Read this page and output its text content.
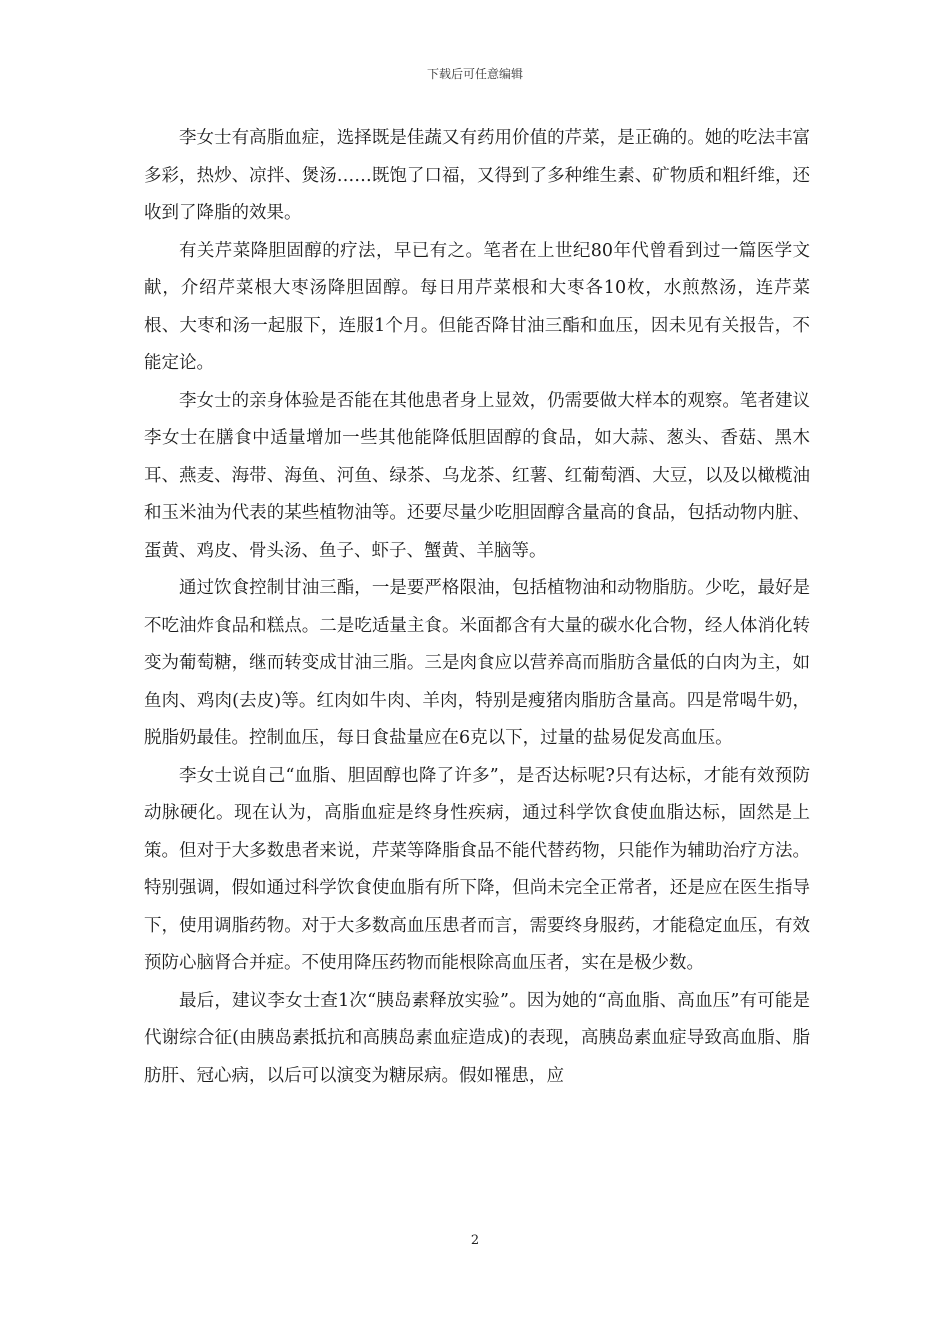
下载后可任意编辑

李女士有高脂血症，选择既是佳蔬又有药用价值的芹菜，是正确的。她的吃法丰富多彩，热炒、凉拌、煲汤……既饱了口福，又得到了多种维生素、矿物质和粗纤维，还收到了降脂的效果。

有关芹菜降胆固醇的疗法，早已有之。笔者在上世纪80年代曾看到过一篇医学文献，介绍芹菜根大枣汤降胆固醇。每日用芹菜根和大枣各10枚，水煎熬汤，连芹菜根、大枣和汤一起服下，连服1个月。但能否降甘油三酯和血压，因未见有关报告，不能定论。

李女士的亲身体验是否能在其他患者身上显效，仍需要做大样本的观察。笔者建议李女士在膳食中适量增加一些其他能降低胆固醇的食品，如大蒜、葱头、香菇、黑木耳、燕麦、海带、海鱼、河鱼、绿茶、乌龙茶、红薯、红葡萄酒、大豆，以及以橄榄油和玉米油为代表的某些植物油等。还要尽量少吃胆固醇含量高的食品，包括动物内脏、蛋黄、鸡皮、骨头汤、鱼子、虾子、蟹黄、羊脑等。

通过饮食控制甘油三酯，一是要严格限油，包括植物油和动物脂肪。少吃，最好是不吃油炸食品和糕点。二是吃适量主食。米面都含有大量的碳水化合物，经人体消化转变为葡萄糖，继而转变成甘油三脂。三是肉食应以营养高而脂肪含量低的白肉为主，如鱼肉、鸡肉(去皮)等。红肉如牛肉、羊肉，特别是瘦猪肉脂肪含量高。四是常喝牛奶，脱脂奶最佳。控制血压，每日食盐量应在6克以下，过量的盐易促发高血压。

李女士说自己“血脂、胆固醇也降了许多”，是否达标呢?只有达标，才能有效预防动脉硬化。现在认为，高脂血症是终身性疾病，通过科学饮食使血脂达标，固然是上策。但对于大多数患者来说，芹菜等降脂食品不能代替药物，只能作为辅助治疗方法。特别强调，假如通过科学饮食使血脂有所下降，但尚未完全正常者，还是应在医生指导下，使用调脂药物。对于大多数高血压患者而言，需要终身服药，才能稳定血压，有效预防心脑肾合并症。不使用降压药物而能根除高血压者，实在是极少数。

最后，建议李女士查1次“胰岛素释放实验”。因为她的“高血脂、高血压”有可能是代谢综合征(由胰岛素抵抗和高胰岛素血症造成)的表现，高胰岛素血症导致高血脂、脂肪肝、冠心病，以后可以演变为糖尿病。假如罹患，应

2
